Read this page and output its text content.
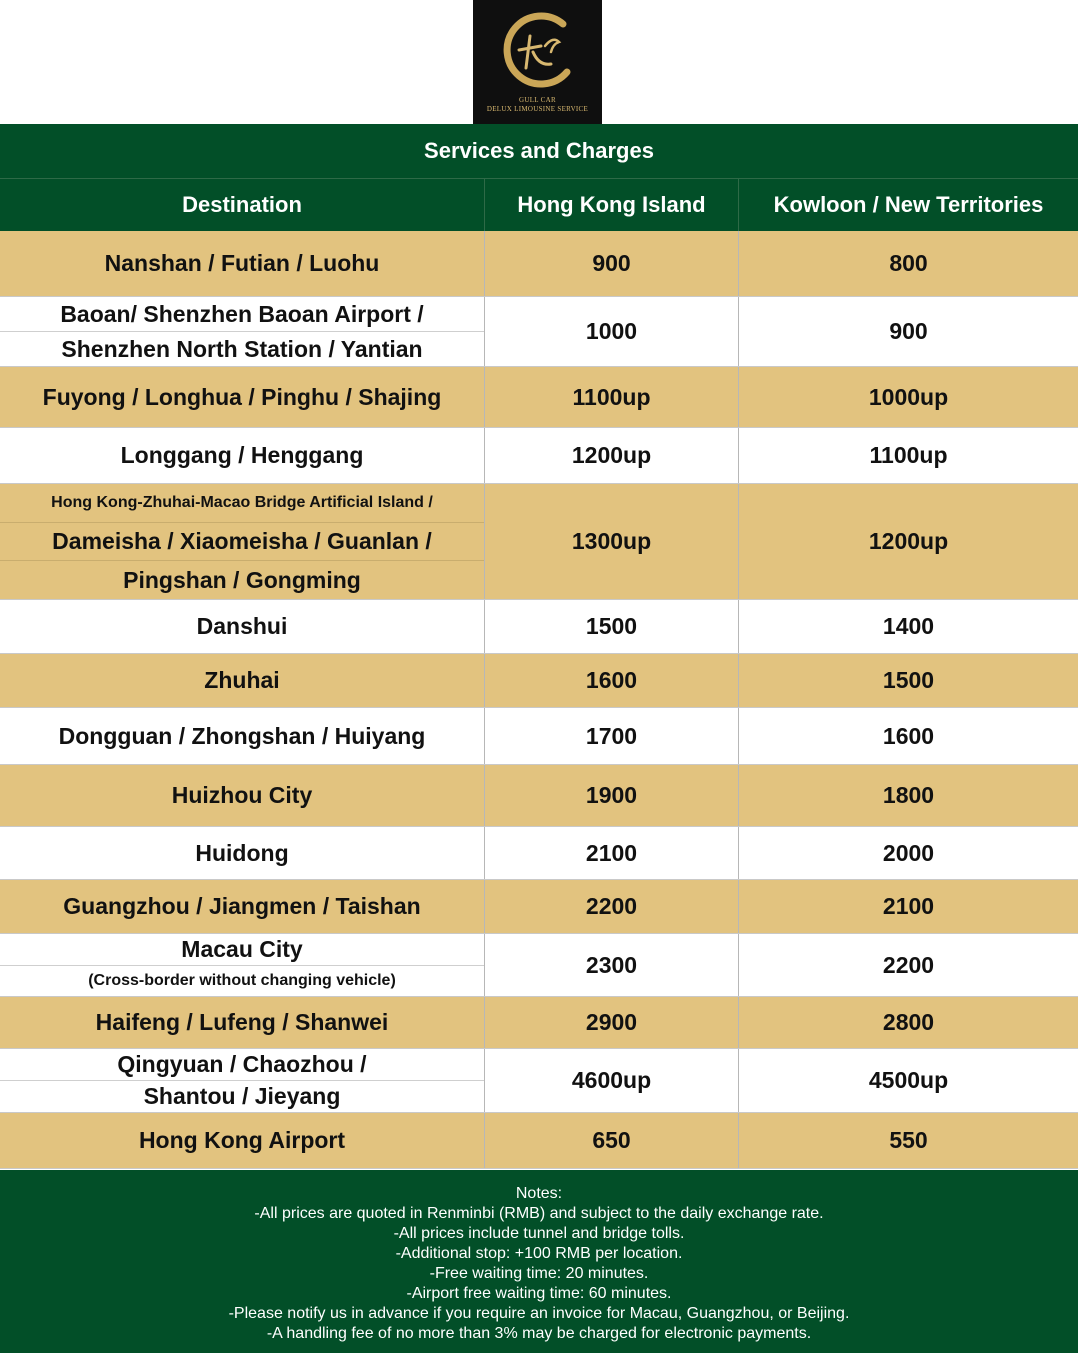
GULL CAR
DELUX LIMOUSINE SERVICE
Services and Charges
Destination	Hong Kong Island	Kowloon / New Territories
Nanshan / Futian / Luohu	900	800
Baoan/ Shenzhen Baoan Airport /
Shenzhen North Station / Yantian
1000	900
Fuyong / Longhua / Pinghu / Shajing	1100up	1000up
Longgang / Henggang	1200up	1100up
Hong Kong-Zhuhai-Macao Bridge Artificial Island /
Dameisha / Xiaomeisha / Guanlan /
Pingshan / Gongming
1300up	1200up
Danshui	1500	1400
Zhuhai	1600	1500
Dongguan / Zhongshan / Huiyang	1700	1600
Huizhou City	1900	1800
Huidong	2100	2000
Guangzhou / Jiangmen / Taishan	2200	2100
Macau City
(Cross-border without changing vehicle)
2300	2200
Haifeng / Lufeng / Shanwei	2900	2800
Qingyuan / Chaozhou /
Shantou / Jieyang
4600up	4500up
Hong Kong Airport	650	550
Notes:
-All prices are quoted in Renminbi (RMB) and subject to the daily exchange rate.
-All prices include tunnel and bridge tolls.
-Additional stop: +100 RMB per location.
-Free waiting time: 20 minutes.
-Airport free waiting time: 60 minutes.
-Please notify us in advance if you require an invoice for Macau, Guangzhou, or Beijing.
-A handling fee of no more than 3% may be charged for electronic payments.
